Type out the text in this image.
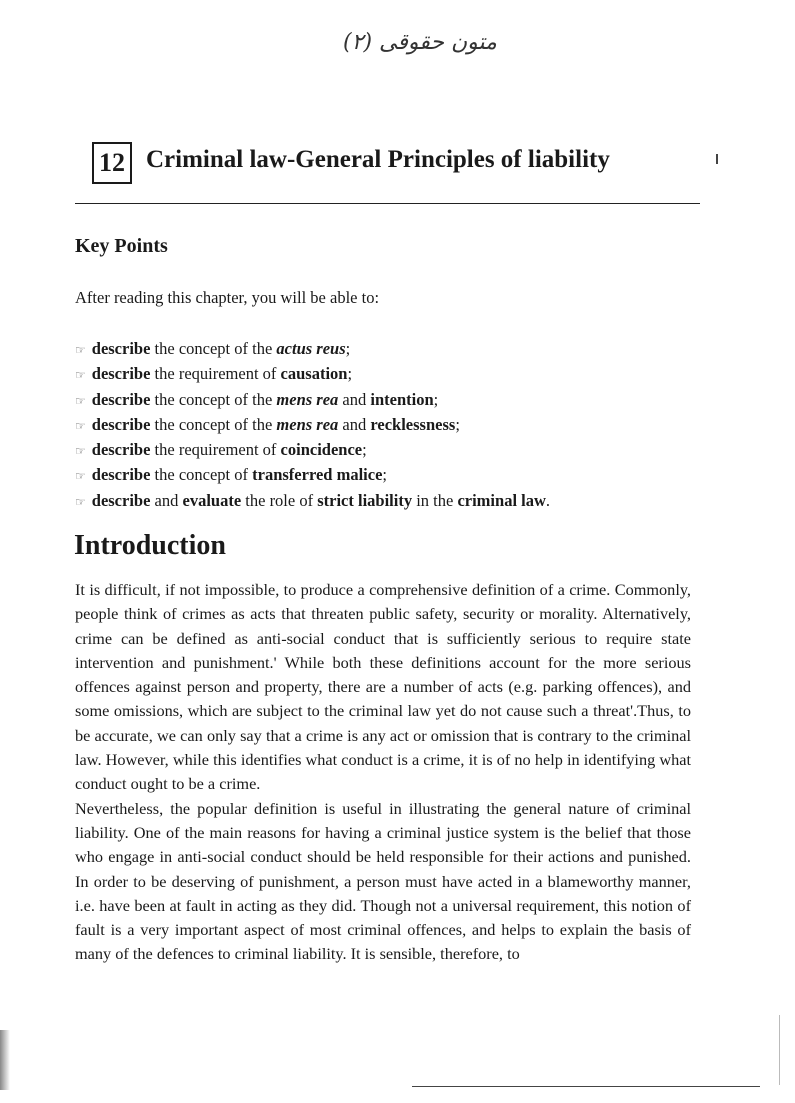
متون حقوقی (۲)
12 Criminal law-General Principles of liability
Key Points
After reading this chapter, you will be able to:
☞ describe the concept of the actus reus;
☞ describe the requirement of causation;
☞ describe the concept of the mens rea and intention;
☞ describe the concept of the mens rea and recklessness;
☞ describe the requirement of coincidence;
☞ describe the concept of transferred malice;
☞ describe and evaluate the role of strict liability in the criminal law.
Introduction

It is difficult, if not impossible, to produce a comprehensive definition of a crime. Commonly, people think of crimes as acts that threaten public safety, security or morality. Alternatively, crime can be defined as anti-social conduct that is sufficiently serious to require state intervention and punishment.' While both these definitions account for the more serious offences against person and property, there are a number of acts (e.g. parking offences), and some omissions, which are subject to the criminal law yet do not cause such a threat'.Thus, to be accurate, we can only say that a crime is any act or omission that is contrary to the criminal law. However, while this identifies what conduct is a crime, it is of no help in identifying what conduct ought to be a crime.

Nevertheless, the popular definition is useful in illustrating the general nature of criminal liability. One of the main reasons for having a criminal justice system is the belief that those who engage in anti-social conduct should be held responsible for their actions and punished. In order to be deserving of punishment, a person must have acted in a blameworthy manner, i.e. have been at fault in acting as they did. Though not a universal requirement, this notion of fault is a very important aspect of most criminal offences, and helps to explain the basis of many of the defences to criminal liability. It is sensible, therefore, to
